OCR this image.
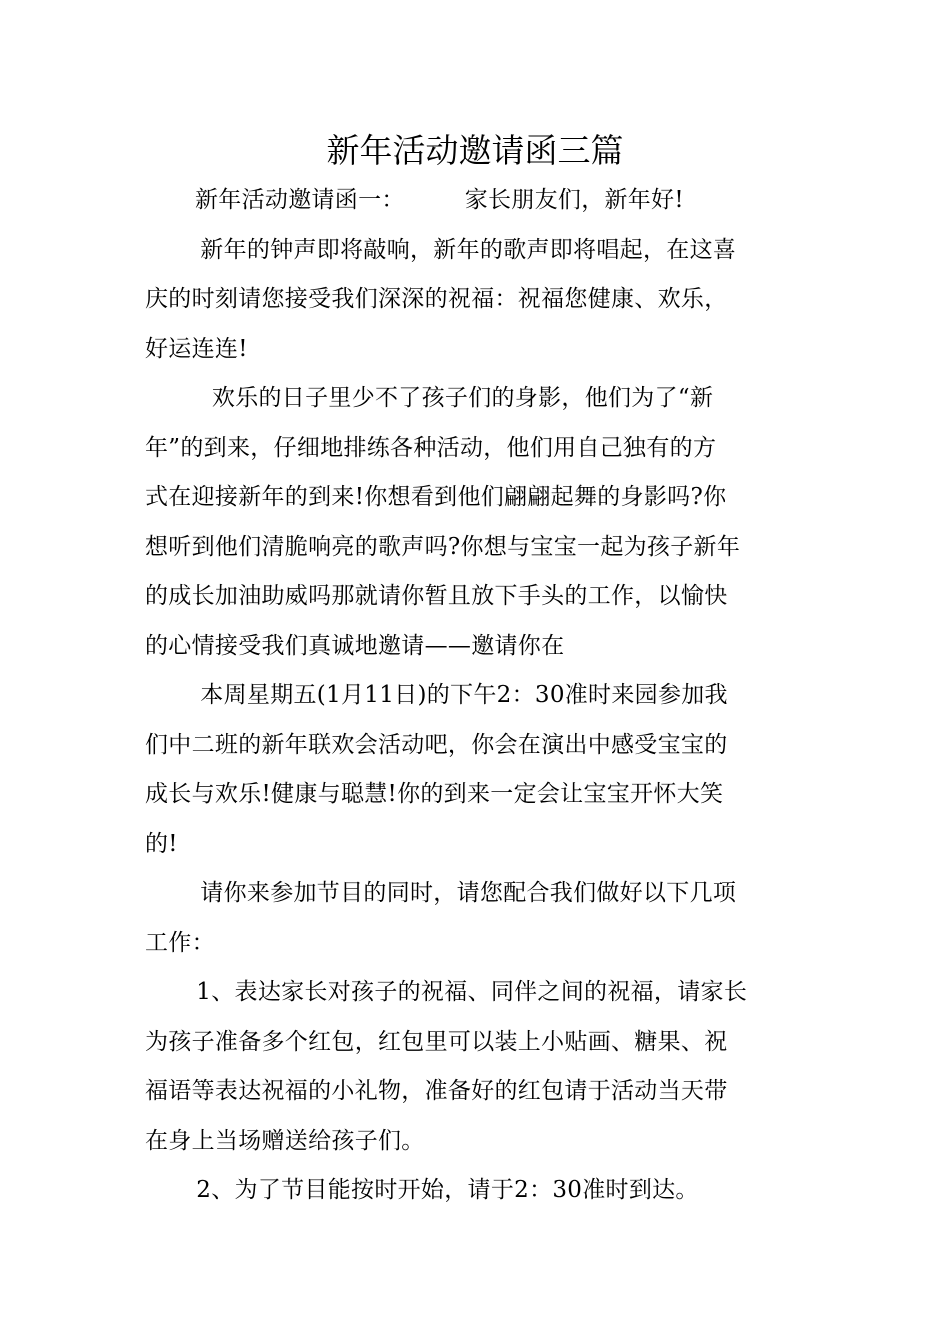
新年活动邀请函三篇
新年活动邀请函一：	家长朋友们，新年好!
　新年的钟声即将敲响，新年的歌声即将唱起，在这喜
庆的时刻请您接受我们深深的祝福：祝福您健康、欢乐，
好运连连!
　 欢乐的日子里少不了孩子们的身影，他们为了“新
年”的到来，仔细地排练各种活动，他们用自己独有的方
式在迎接新年的到来!你想看到他们翩翩起舞的身影吗?你
想听到他们清脆响亮的歌声吗?你想与宝宝一起为孩子新年
的成长加油助威吗那就请你暂且放下手头的工作，以愉快
的心情接受我们真诚地邀请——邀请你在
　本周星期五(1月11日)的下午2：30准时来园参加我
们中二班的新年联欢会活动吧，你会在演出中感受宝宝的
成长与欢乐!健康与聪慧!你的到来一定会让宝宝开怀大笑
的!
　请你来参加节目的同时，请您配合我们做好以下几项
工作：
　1、表达家长对孩子的祝福、同伴之间的祝福，请家长
为孩子准备多个红包，红包里可以装上小贴画、糖果、祝
福语等表达祝福的小礼物，准备好的红包请于活动当天带
在身上当场赠送给孩子们。
　2、为了节目能按时开始，请于2：30准时到达。
